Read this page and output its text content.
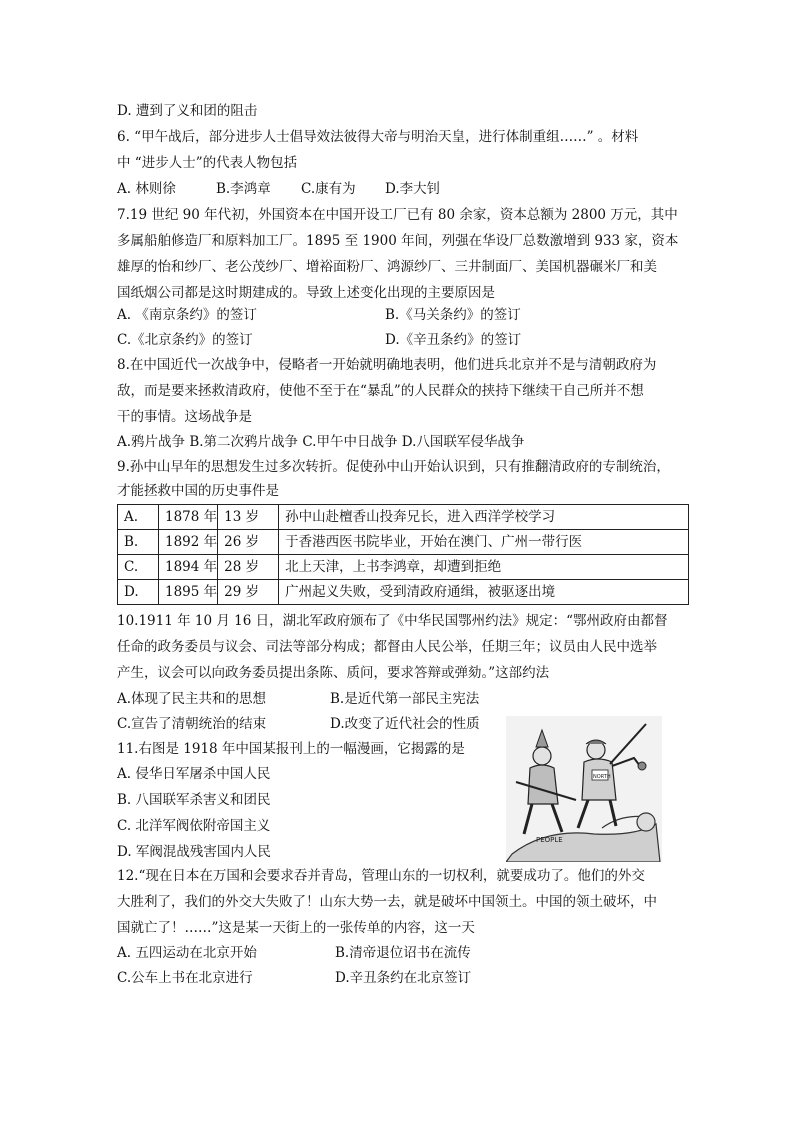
D. 遭到了义和团的阻击
6. “甲午战后，部分进步人士倡导效法彼得大帝与明治天皇，进行体制重组……” 。材料
中 “进步人士”的代表人物包括
A. 林则徐	B.李鸿章 C.康有为 D.李大钊
7.19 世纪 90 年代初，外国资本在中国开设工厂已有 80 余家，资本总额为 2800 万元，其中
多属船舶修造厂和原料加工厂。1895 至 1900 年间，列强在华设厂总数激增到 933 家，资本
雄厚的怡和纱厂、老公茂纱厂、增裕面粉厂、鸿源纱厂、三井制面厂、美国机器碾米厂和美
国纸烟公司都是这时期建成的。导致上述变化出现的主要原因是
A. 《南京条约》的签订	B.《马关条约》的签订
C.《北京条约》的签订	D.《辛丑条约》的签订
8.在中国近代一次战争中，侵略者一开始就明确地表明，他们进兵北京并不是与清朝政府为
敌，而是要来拯救清政府，使他不至于在“暴乱”的人民群众的挟持下继续干自己所并不想
干的事情。这场战争是
A.鸦片战争 B.第二次鸦片战争 C.甲午中日战争 D.八国联军侵华战争
9.孙中山早年的思想发生过多次转折。促使孙中山开始认识到，只有推翻清政府的专制统治，
才能拯救中国的历史事件是
A.	1878 年	13 岁	孙中山赴檀香山投奔兄长，进入西洋学校学习
B.	1892 年	26 岁	于香港西医书院毕业，开始在澳门、广州一带行医
C.	1894 年	28 岁	北上天津，上书李鸿章，却遭到拒绝
D.	1895 年	29 岁	广州起义失败，受到清政府通缉，被驱逐出境
10.1911 年 10 月 16 日，湖北军政府颁布了《中华民国鄂州约法》规定：“鄂州政府由都督
任命的政务委员与议会、司法等部分构成；都督由人民公举，任期三年；议员由人民中选举
产生，议会可以向政务委员提出条陈、质问，要求答辩或弹劾。”这部约法
A.体现了民主共和的思想	B.是近代第一部民主宪法
C.宣告了清朝统治的结束	D.改变了近代社会的性质
11.右图是 1918 年中国某报刊上的一幅漫画，它揭露的是
A. 侵华日军屠杀中国人民
B. 八国联军杀害义和团民
C. 北洋军阀依附帝国主义
D. 军阀混战残害国内人民
PEOPLE
NORTH
12.“现在日本在万国和会要求吞并青岛，管理山东的一切权利，就要成功了。他们的外交
大胜利了，我们的外交大失败了！山东大势一去，就是破坏中国领土。中国的领土破坏，中
国就亡了！……”这是某一天街上的一张传单的内容，这一天
A. 五四运动在北京开始	B.清帝退位诏书在流传
C.公车上书在北京进行	D.辛丑条约在北京签订
